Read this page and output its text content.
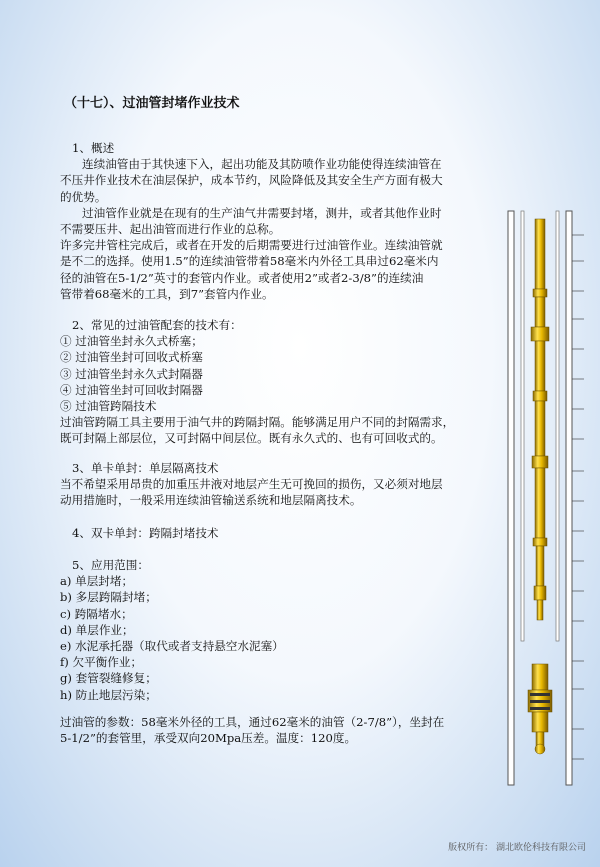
（十七）、过油管封堵作业技术

1、概述

连续油管由于其快速下入，起出功能及其防喷作业功能使得连续油管在

不压井作业技术在油层保护，成本节约，风险降低及其安全生产方面有极大

的优势。

过油管作业就是在现有的生产油气井需要封堵，测井，或者其他作业时

不需要压井、起出油管而进行作业的总称。

许多完井管柱完成后，或者在开发的后期需要进行过油管作业。连续油管就

是不二的选择。使用1.5”的连续油管带着58毫米内外径工具串过62毫米内

径的油管在5-1/2”英寸的套管内作业。或者使用2”或者2-3/8”的连续油

管带着68毫米的工具，到7”套管内作业。

2、常见的过油管配套的技术有：

① 过油管坐封永久式桥塞；

② 过油管坐封可回收式桥塞

③ 过油管坐封永久式封隔器

④ 过油管坐封可回收封隔器

⑤ 过油管跨隔技术

过油管跨隔工具主要用于油气井的跨隔封隔。能够满足用户不同的封隔需求，

既可封隔上部层位，又可封隔中间层位。既有永久式的、也有可回收式的。

3、单卡单封：单层隔离技术

当不希望采用昂贵的加重压井液对地层产生无可挽回的损伤，又必须对地层

动用措施时，一般采用连续油管输送系统和地层隔离技术。

4、双卡单封：跨隔封堵技术

5、应用范围：

a) 单层封堵；

b) 多层跨隔封堵；

c) 跨隔堵水；

d) 单层作业；

e) 水泥承托器（取代或者支持悬空水泥塞）

f) 欠平衡作业；

g) 套管裂缝修复；

h) 防止地层污染；

过油管的参数：58毫米外径的工具，通过62毫米的油管（2-7/8”），坐封在

5-1/2”的套管里，承受双向20Mpa压差。温度：120度。

版权所有： 湖北欧伦科技有限公司
